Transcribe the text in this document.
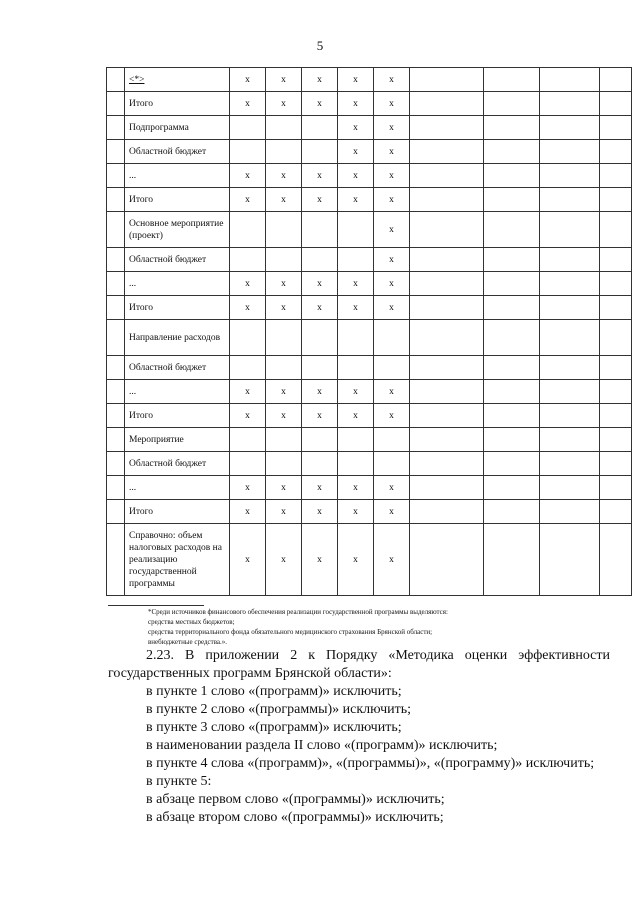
5
	<*>	x	x	x	x	x				
	Итого	x	x	x	x	x				
	Подпрограмма				x	x				
	Областной бюджет				x	x				
	...	x	x	x	x	x				
	Итого	x	x	x	x	x				
	Основное мероприятие (проект)					x				
	Областной бюджет					x				
	...	x	x	x	x	x				
	Итого	x	x	x	x	x				
	Направление расходов									
	Областной бюджет									
	...	x	x	x	x	x				
	Итого	x	x	x	x	x				
	Мероприятие									
	Областной бюджет									
	...	x	x	x	x	x				
	Итого	x	x	x	x	x				
	Справочно: объем налоговых расходов на реализацию государственной программы	x	x	x	x	x				
*Среди источников финансового обеспечения реализации государственной программы выделяются:
средства местных бюджетов;
средства территориального фонда обязательного медицинского страхования Брянской области;
внебюджетные средства.».

2.23. В приложении 2 к Порядку «Методика оценки эффективности государственных программ Брянской области»:

в пункте 1 слово «(программ)» исключить;

в пункте 2 слово «(программы)» исключить;

в пункте 3 слово «(программ)» исключить;

в наименовании раздела II слово «(программ)» исключить;

в пункте 4 слова «(программ)», «(программы)», «(программу)» исключить;

в пункте 5:

в абзаце первом слово «(программы)» исключить;

в абзаце втором слово «(программы)» исключить;
